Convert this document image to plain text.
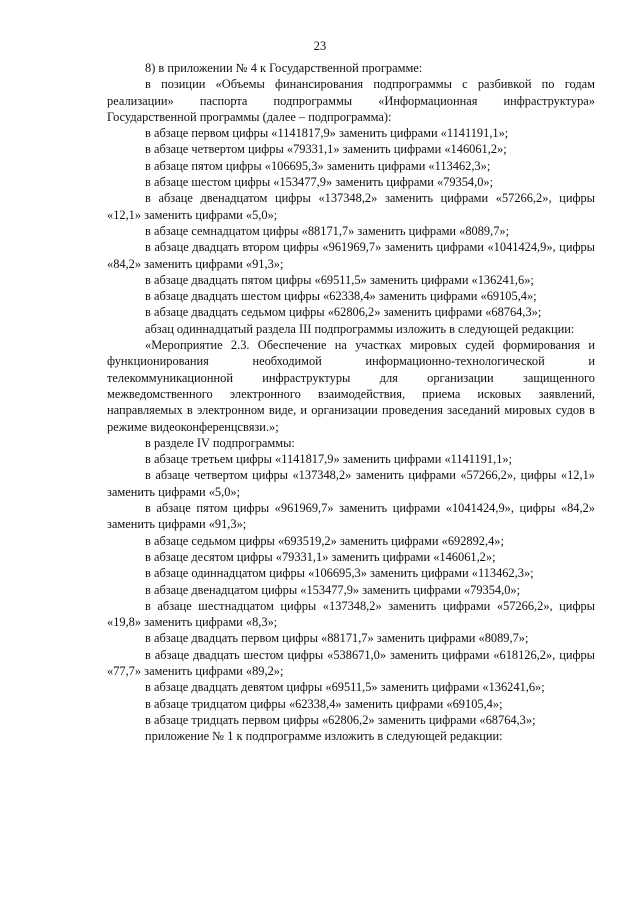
23

8) в приложении № 4 к Государственной программе:

в позиции «Объемы финансирования подпрограммы с разбивкой по годам реализации» паспорта подпрограммы «Информационная инфраструктура» Государственной программы (далее – подпрограмма):

в абзаце первом цифры «1141817,9» заменить цифрами «1141191,1»;

в абзаце четвертом цифры «79331,1» заменить цифрами «146061,2»;

в абзаце пятом цифры «106695,3» заменить цифрами «113462,3»;

в абзаце шестом цифры «153477,9» заменить цифрами «79354,0»;

в абзаце двенадцатом цифры «137348,2» заменить цифрами «57266,2», цифры «12,1» заменить цифрами «5,0»;

в абзаце семнадцатом цифры «88171,7» заменить цифрами «8089,7»;

в абзаце двадцать втором цифры «961969,7» заменить цифрами «1041424,9», цифры «84,2» заменить цифрами «91,3»;

в абзаце двадцать пятом цифры «69511,5» заменить цифрами «136241,6»;

в абзаце двадцать шестом цифры «62338,4» заменить цифрами «69105,4»;

в абзаце двадцать седьмом цифры «62806,2» заменить цифрами «68764,3»;

абзац одиннадцатый раздела III подпрограммы изложить в следующей редакции:

«Мероприятие 2.3. Обеспечение на участках мировых судей формирования и функционирования необходимой информационно-технологической и телекоммуникационной инфраструктуры для организации защищенного межведомственного электронного взаимодействия, приема исковых заявлений, направляемых в электронном виде, и организации проведения заседаний мировых судов в режиме видеоконференцсвязи.»;

в разделе IV подпрограммы:

в абзаце третьем цифры «1141817,9» заменить цифрами «1141191,1»;

в абзаце четвертом цифры «137348,2» заменить цифрами «57266,2», цифры «12,1» заменить цифрами «5,0»;

в абзаце пятом цифры «961969,7» заменить цифрами «1041424,9», цифры «84,2» заменить цифрами «91,3»;

в абзаце седьмом цифры «693519,2» заменить цифрами «692892,4»;

в абзаце десятом цифры «79331,1» заменить цифрами «146061,2»;

в абзаце одиннадцатом цифры «106695,3» заменить цифрами «113462,3»;

в абзаце двенадцатом цифры «153477,9» заменить цифрами «79354,0»;

в абзаце шестнадцатом цифры «137348,2» заменить цифрами «57266,2», цифры «19,8» заменить цифрами «8,3»;

в абзаце двадцать первом цифры «88171,7» заменить цифрами «8089,7»;

в абзаце двадцать шестом цифры «538671,0» заменить цифрами «618126,2», цифры «77,7» заменить цифрами «89,2»;

в абзаце двадцать девятом цифры «69511,5» заменить цифрами «136241,6»;

в абзаце тридцатом цифры «62338,4» заменить цифрами «69105,4»;

в абзаце тридцать первом цифры «62806,2» заменить цифрами «68764,3»;

приложение № 1 к подпрограмме изложить в следующей редакции:
